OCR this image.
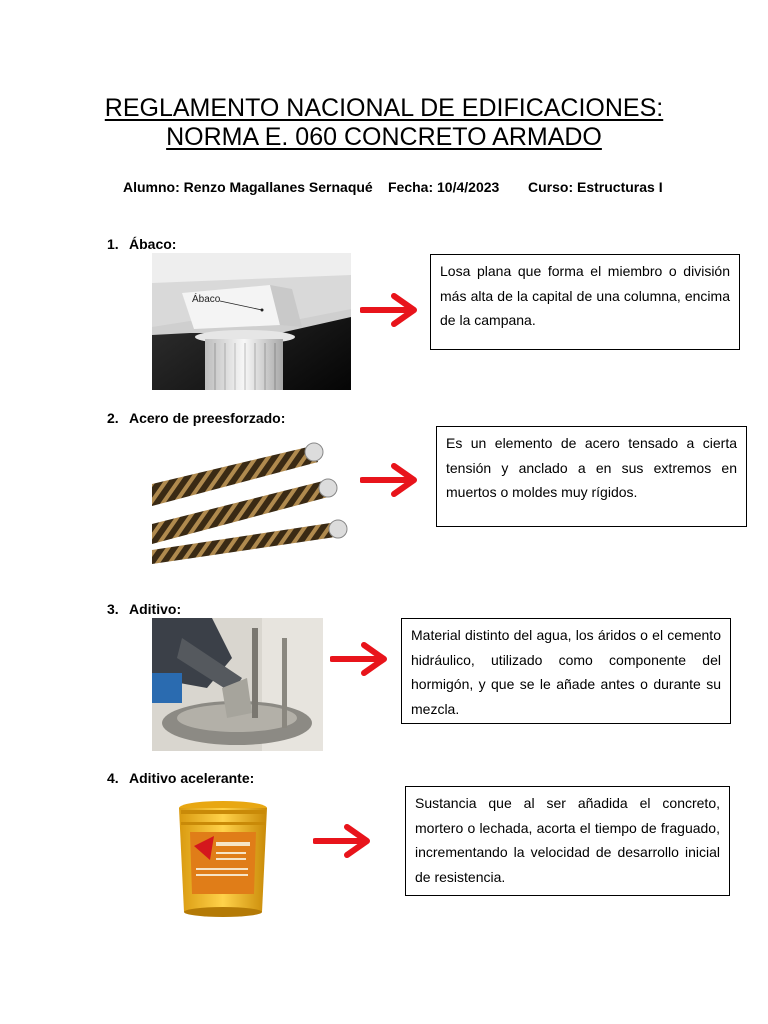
REGLAMENTO NACIONAL DE EDIFICACIONES:
NORMA E. 060 CONCRETO ARMADO
Alumno: Renzo Magallanes Sernaqué Fecha: 10/4/2023 Curso: Estructuras I
1. Ábaco:
Ábaco
Losa plana que forma el miembro o división más alta de la capital de una columna, encima de la campana.
2. Acero de preesforzado:
Es un elemento de acero tensado a cierta tensión y anclado a en sus extremos en muertos o moldes muy rígidos.
3. Aditivo:
Material distinto del agua, los áridos o el cemento hidráulico, utilizado como componente del hormigón, y que se le añade antes o durante su mezcla.
4. Aditivo acelerante:
Sustancia que al ser añadida el concreto, mortero o lechada, acorta el tiempo de fraguado, incrementando la velocidad de desarrollo inicial de resistencia.
